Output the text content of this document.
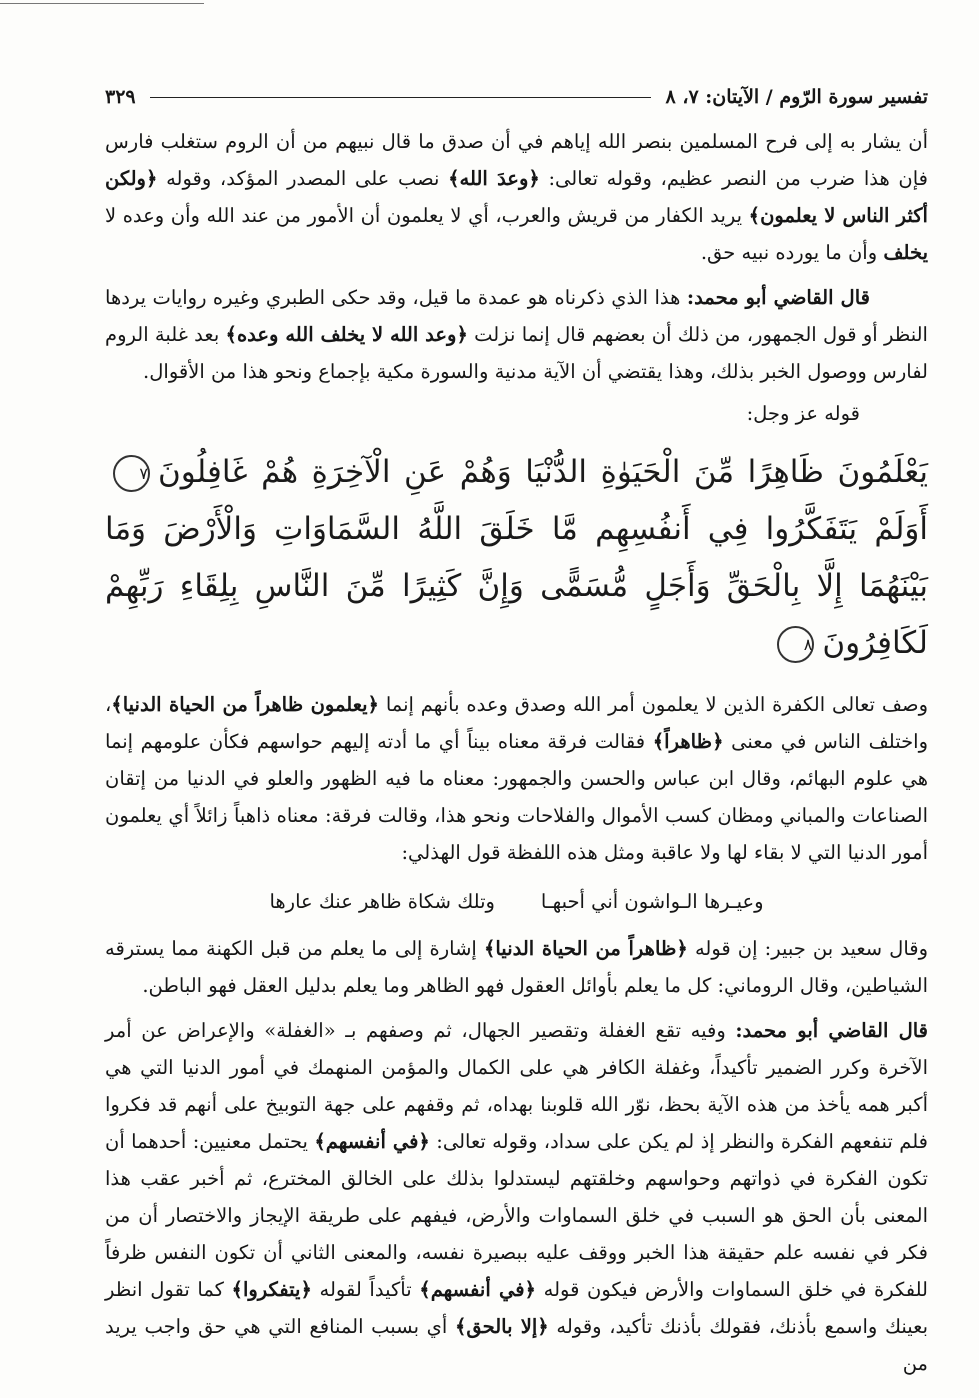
تفسير سورة الرّوم / الآيتان: ٧، ٨
٣٢٩

أن يشار به إلى فرح المسلمين بنصر الله إياهم في أن صدق ما قال نبيهم من أن الروم ستغلب فارس فإن هذا ضرب من النصر عظيم، وقوله تعالى: ﴿وعدَ الله﴾ نصب على المصدر المؤكد، وقوله ﴿ولكن أكثر الناس لا يعلمون﴾ يريد الكفار من قريش والعرب، أي لا يعلمون أن الأمور من عند الله وأن وعده لا يخلف وأن ما يورده نبيه حق.

قال القاضي أبو محمد: هذا الذي ذكرناه هو عمدة ما قيل، وقد حكى الطبري وغيره روايات يردها النظر أو قول الجمهور، من ذلك أن بعضهم قال إنما نزلت ﴿وعد الله لا يخلف الله وعده﴾ بعد غلبة الروم لفارس ووصول الخبر بذلك، وهذا يقتضي أن الآية مدنية والسورة مكية بإجماع ونحو هذا من الأقوال.

قوله عز وجل:
يَعْلَمُونَ ظَاهِرًا مِّنَ الْحَيَوٰةِ الدُّنْيَا وَهُمْ عَنِ الْآخِرَةِ هُمْ غَافِلُونَ٧أَوَلَمْ يَتَفَكَّرُوا فِي أَنفُسِهِم مَّا خَلَقَ اللَّهُ السَّمَاوَاتِ وَالْأَرْضَ وَمَا بَيْنَهُمَا إِلَّا بِالْحَقِّ وَأَجَلٍ مُّسَمًّى وَإِنَّ كَثِيرًا مِّنَ النَّاسِ بِلِقَاءِ رَبِّهِمْ لَكَافِرُونَ٨

وصف تعالى الكفرة الذين لا يعلمون أمر الله وصدق وعده بأنهم إنما ﴿يعلمون ظاهراً من الحياة الدنيا﴾، واختلف الناس في معنى ﴿ظاهراً﴾ فقالت فرقة معناه بيناً أي ما أدته إليهم حواسهم فكأن علومهم إنما هي علوم البهائم، وقال ابن عباس والحسن والجمهور: معناه ما فيه الظهور والعلو في الدنيا من إتقان الصناعات والمباني ومظان كسب الأموال والفلاحات ونحو هذا، وقالت فرقة: معناه ذاهباً زائلاً أي يعلمون أمور الدنيا التي لا بقاء لها ولا عاقبة ومثل هذه اللفظة قول الهذلي:

وعيـرها الـواشون أني أحبهـا
وتلك شكاة ظاهر عنك عارها

وقال سعيد بن جبير: إن قوله ﴿ظاهراً من الحياة الدنيا﴾ إشارة إلى ما يعلم من قبل الكهنة مما يسترقه الشياطين، وقال الروماني: كل ما يعلم بأوائل العقول فهو الظاهر وما يعلم بدليل العقل فهو الباطن.

قال القاضي أبو محمد: وفيه تقع الغفلة وتقصير الجهال، ثم وصفهم بـ «الغفلة» والإعراض عن أمر الآخرة وكرر الضمير تأكيداً، وغفلة الكافر هي على الكمال والمؤمن المنهمك في أمور الدنيا التي هي أكبر همه يأخذ من هذه الآية بحظ، نوّر الله قلوبنا بهداه، ثم وقفهم على جهة التوبيخ على أنهم قد فكروا فلم تنفعهم الفكرة والنظر إذ لم يكن على سداد، وقوله تعالى: ﴿في أنفسهم﴾ يحتمل معنيين: أحدهما أن تكون الفكرة في ذواتهم وحواسهم وخلقتهم ليستدلوا بذلك على الخالق المخترع، ثم أخبر عقب هذا المعنى بأن الحق هو السبب في خلق السماوات والأرض، فيفهم على طريقة الإيجاز والاختصار أن من فكر في نفسه علم حقيقة هذا الخبر ووقف عليه ببصيرة نفسه، والمعنى الثاني أن تكون النفس ظرفاً للفكرة في خلق السماوات والأرض فيكون قوله ﴿في أنفسهم﴾ تأكيداً لقوله ﴿يتفكروا﴾ كما تقول انظر بعينك واسمع بأذنك، فقولك بأذنك تأكيد، وقوله ﴿إلا بالحق﴾ أي بسبب المنافع التي هي حق واجب يريد من
